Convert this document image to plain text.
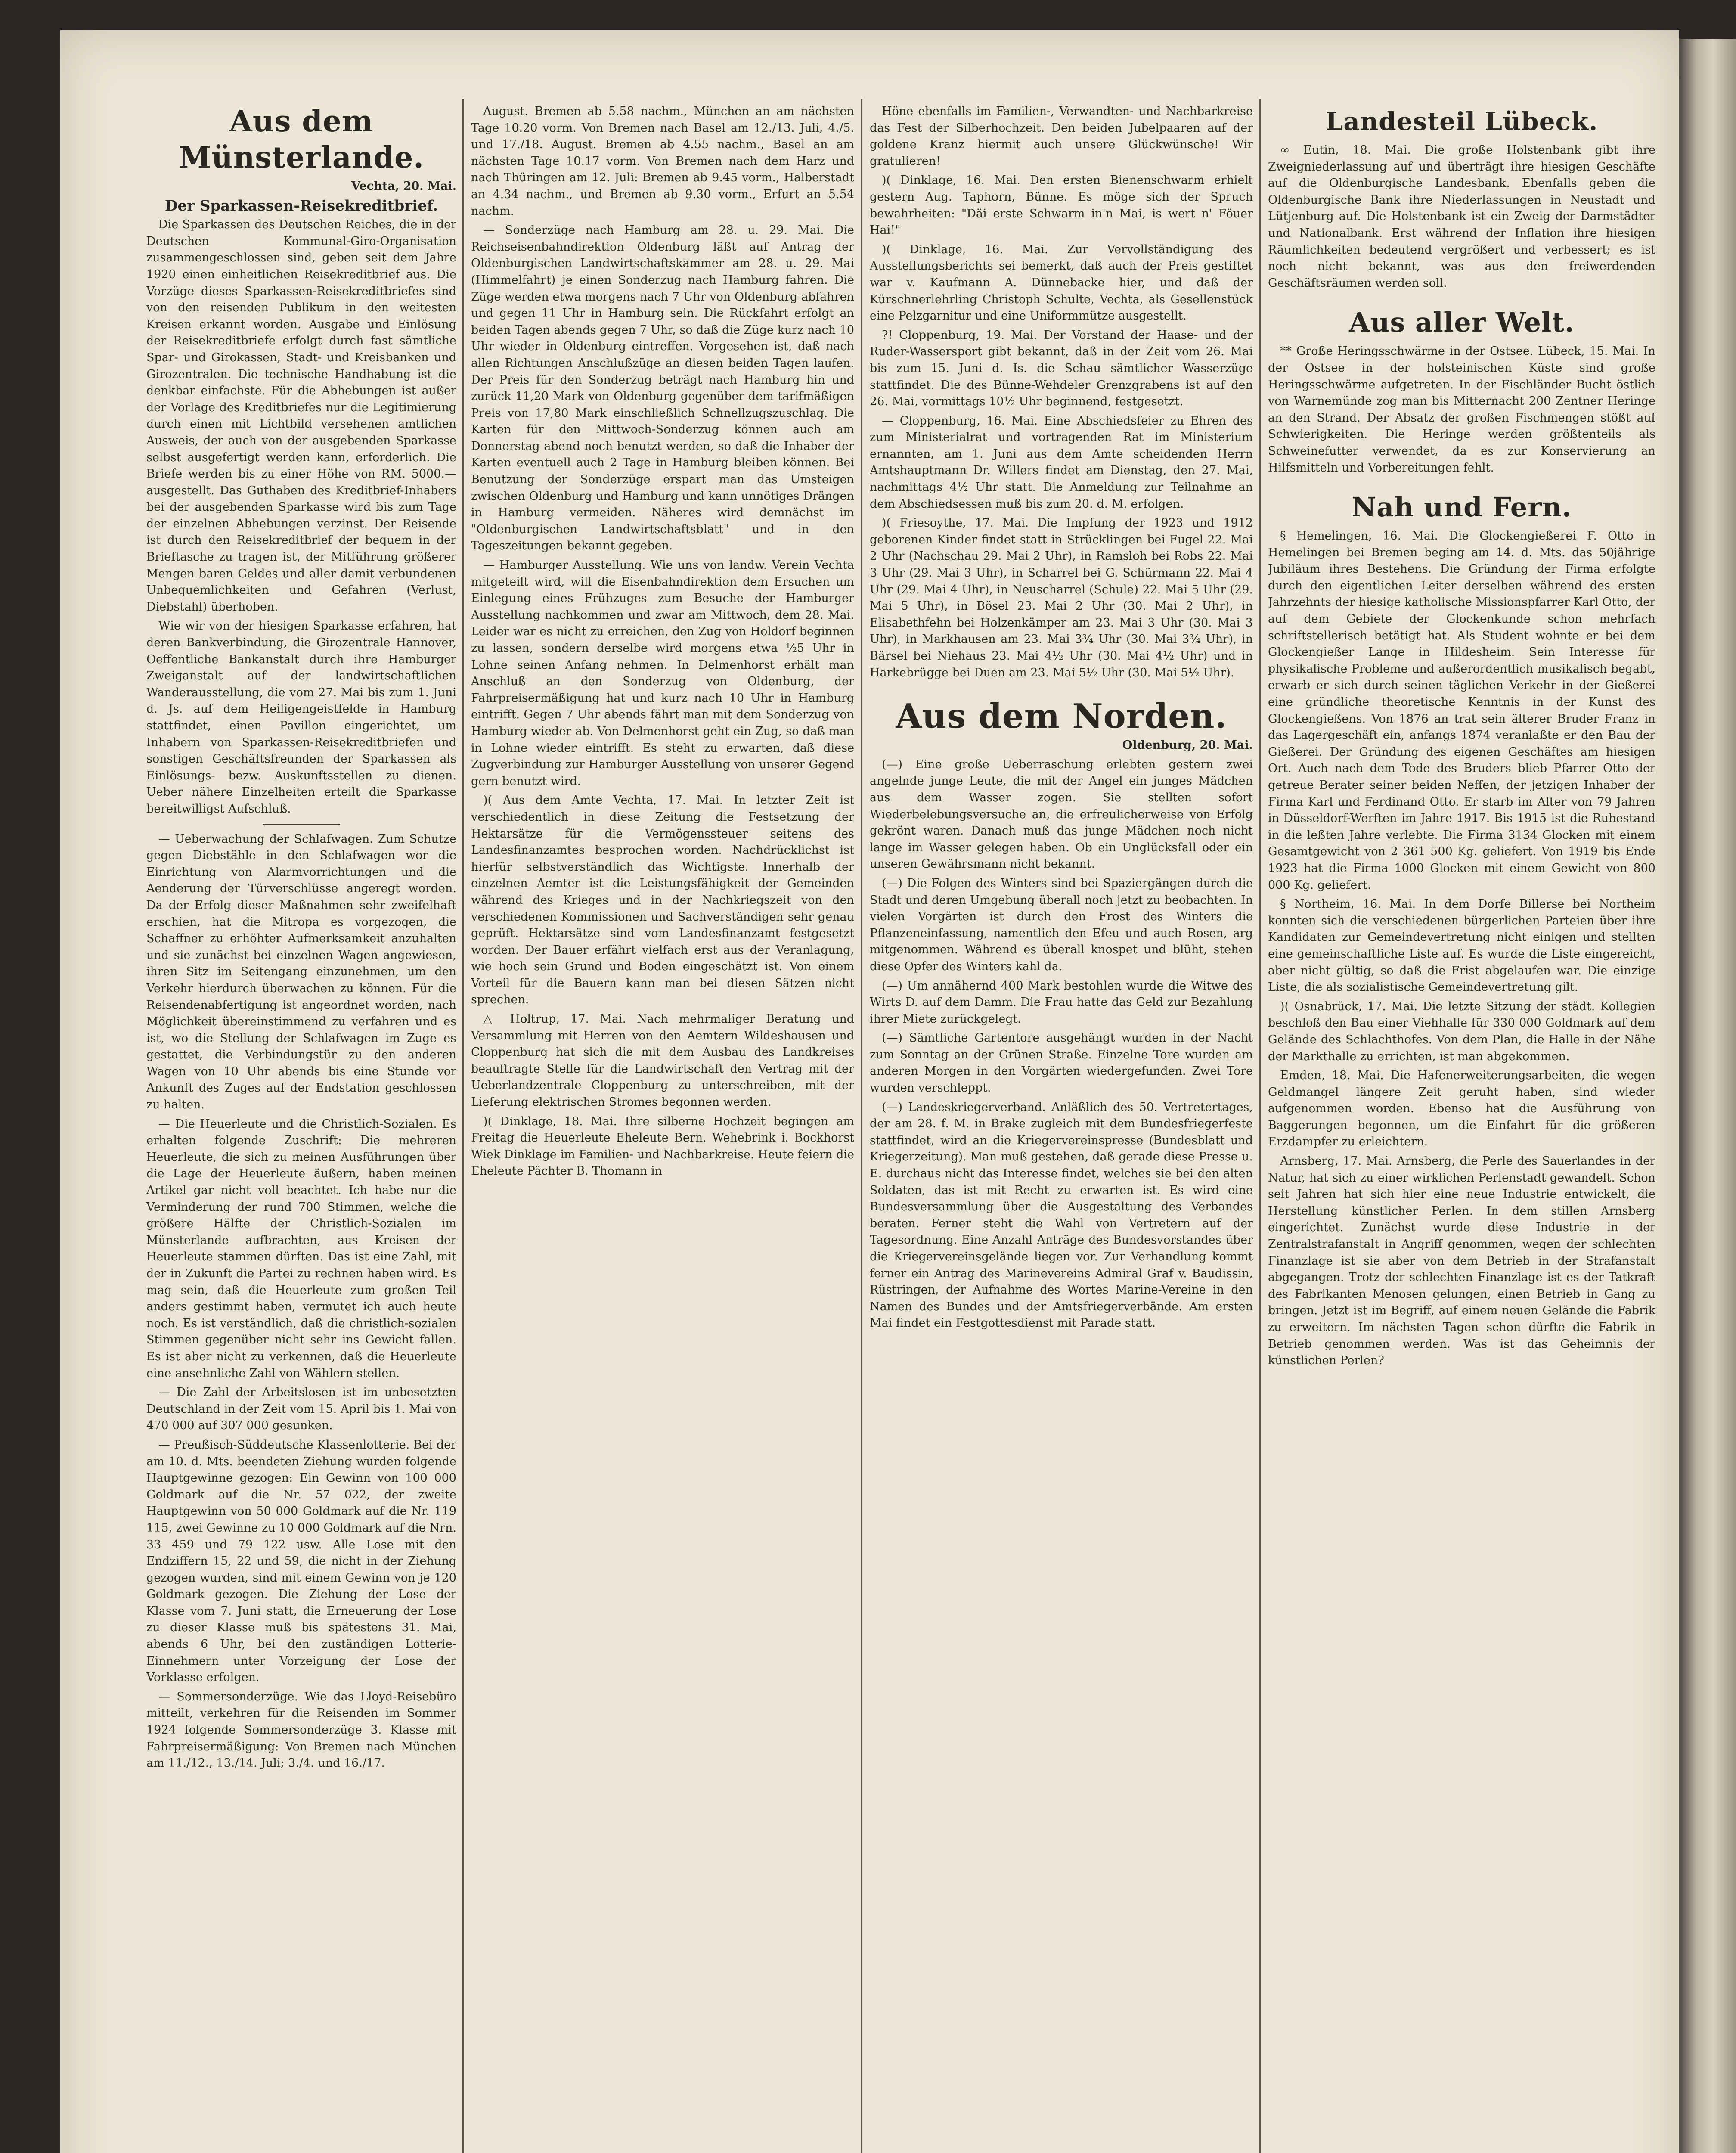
Aus dem Münsterlande.

Vechta, 20. Mai.

Der Sparkassen-Reisekreditbrief.

Die Sparkassen des Deutschen Reiches, die in der Deutschen Kommunal-Giro-Organisation zusammengeschlossen sind, geben seit dem Jahre 1920 einen einheitlichen Reisekreditbrief aus. Die Vorzüge dieses Sparkassen-Reisekreditbriefes sind von den reisenden Publikum in den weitesten Kreisen erkannt worden. Ausgabe und Einlösung der Reisekreditbriefe erfolgt durch fast sämtliche Spar- und Girokassen, Stadt- und Kreisbanken und Girozentralen. Die technische Handhabung ist die denkbar einfachste. Für die Abhebungen ist außer der Vorlage des Kreditbriefes nur die Legitimierung durch einen mit Lichtbild versehenen amtlichen Ausweis, der auch von der ausgebenden Sparkasse selbst ausgefertigt werden kann, erforderlich. Die Briefe werden bis zu einer Höhe von RM. 5000.— ausgestellt. Das Guthaben des Kreditbrief-Inhabers bei der ausgebenden Sparkasse wird bis zum Tage der einzelnen Abhebungen verzinst. Der Reisende ist durch den Reisekreditbrief der bequem in der Brieftasche zu tragen ist, der Mitführung größerer Mengen baren Geldes und aller damit verbundenen Unbequemlichkeiten und Gefahren (Verlust, Diebstahl) überhoben.

Wie wir von der hiesigen Sparkasse erfahren, hat deren Bankverbindung, die Girozentrale Hannover, Oeffentliche Bankanstalt durch ihre Hamburger Zweiganstalt auf der landwirtschaftlichen Wanderausstellung, die vom 27. Mai bis zum 1. Juni d. Js. auf dem Heiligengeistfelde in Hamburg stattfindet, einen Pavillon eingerichtet, um Inhabern von Sparkassen-Reisekreditbriefen und sonstigen Geschäftsfreunden der Sparkassen als Einlösungs- bezw. Auskunftsstellen zu dienen. Ueber nähere Einzelheiten erteilt die Sparkasse bereitwilligst Aufschluß.

— Ueberwachung der Schlafwagen. Zum Schutze gegen Diebstähle in den Schlafwagen wor die Einrichtung von Alarmvorrichtungen und die Aenderung der Türverschlüsse angeregt worden. Da der Erfolg dieser Maßnahmen sehr zweifelhaft erschien, hat die Mitropa es vorgezogen, die Schaffner zu erhöhter Aufmerksamkeit anzuhalten und sie zunächst bei einzelnen Wagen angewiesen, ihren Sitz im Seitengang einzunehmen, um den Verkehr hierdurch überwachen zu können. Für die Reisendenabfertigung ist angeordnet worden, nach Möglichkeit übereinstimmend zu verfahren und es ist, wo die Stellung der Schlafwagen im Zuge es gestattet, die Verbindungstür zu den anderen Wagen von 10 Uhr abends bis eine Stunde vor Ankunft des Zuges auf der Endstation geschlossen zu halten.

— Die Heuerleute und die Christlich-Sozialen. Es erhalten folgende Zuschrift: Die mehreren Heuerleute, die sich zu meinen Ausführungen über die Lage der Heuerleute äußern, haben meinen Artikel gar nicht voll beachtet. Ich habe nur die Verminderung der rund 700 Stimmen, welche die größere Hälfte der Christlich-Sozialen im Münsterlande aufbrachten, aus Kreisen der Heuerleute stammen dürften. Das ist eine Zahl, mit der in Zukunft die Partei zu rechnen haben wird. Es mag sein, daß die Heuerleute zum großen Teil anders gestimmt haben, vermutet ich auch heute noch. Es ist verständlich, daß die christlich-sozialen Stimmen gegenüber nicht sehr ins Gewicht fallen. Es ist aber nicht zu verkennen, daß die Heuerleute eine ansehnliche Zahl von Wählern stellen.

— Die Zahl der Arbeitslosen ist im unbesetzten Deutschland in der Zeit vom 15. April bis 1. Mai von 470 000 auf 307 000 gesunken.

— Preußisch-Süddeutsche Klassenlotterie. Bei der am 10. d. Mts. beendeten Ziehung wurden folgende Hauptgewinne gezogen: Ein Gewinn von 100 000 Goldmark auf die Nr. 57 022, der zweite Hauptgewinn von 50 000 Goldmark auf die Nr. 119 115, zwei Gewinne zu 10 000 Goldmark auf die Nrn. 33 459 und 79 122 usw. Alle Lose mit den Endziffern 15, 22 und 59, die nicht in der Ziehung gezogen wurden, sind mit einem Gewinn von je 120 Goldmark gezogen. Die Ziehung der Lose der Klasse vom 7. Juni statt, die Erneuerung der Lose zu dieser Klasse muß bis spätestens 31. Mai, abends 6 Uhr, bei den zuständigen Lotterie-Einnehmern unter Vorzeigung der Lose der Vorklasse erfolgen.

— Sommersonderzüge. Wie das Lloyd-Reisebüro mitteilt, verkehren für die Reisenden im Sommer 1924 folgende Sommersonderzüge 3. Klasse mit Fahrpreisermäßigung: Von Bremen nach München am 11./12., 13./14. Juli; 3./4. und 16./17.

August. Bremen ab 5.58 nachm., München an am nächsten Tage 10.20 vorm. Von Bremen nach Basel am 12./13. Juli, 4./5. und 17./18. August. Bremen ab 4.55 nachm., Basel an am nächsten Tage 10.17 vorm. Von Bremen nach dem Harz und nach Thüringen am 12. Juli: Bremen ab 9.45 vorm., Halberstadt an 4.34 nachm., und Bremen ab 9.30 vorm., Erfurt an 5.54 nachm.

— Sonderzüge nach Hamburg am 28. u. 29. Mai. Die Reichseisenbahndirektion Oldenburg läßt auf Antrag der Oldenburgischen Landwirtschaftskammer am 28. u. 29. Mai (Himmelfahrt) je einen Sonderzug nach Hamburg fahren. Die Züge werden etwa morgens nach 7 Uhr von Oldenburg abfahren und gegen 11 Uhr in Hamburg sein. Die Rückfahrt erfolgt an beiden Tagen abends gegen 7 Uhr, so daß die Züge kurz nach 10 Uhr wieder in Oldenburg eintreffen. Vorgesehen ist, daß nach allen Richtungen Anschlußzüge an diesen beiden Tagen laufen. Der Preis für den Sonderzug beträgt nach Hamburg hin und zurück 11,20 Mark von Oldenburg gegenüber dem tarifmäßigen Preis von 17,80 Mark einschließlich Schnellzugszuschlag. Die Karten für den Mittwoch-Sonderzug können auch am Donnerstag abend noch benutzt werden, so daß die Inhaber der Karten eventuell auch 2 Tage in Hamburg bleiben können. Bei Benutzung der Sonderzüge erspart man das Umsteigen zwischen Oldenburg und Hamburg und kann unnötiges Drängen in Hamburg vermeiden. Näheres wird demnächst im "Oldenburgischen Landwirtschaftsblatt" und in den Tageszeitungen bekannt gegeben.

— Hamburger Ausstellung. Wie uns von landw. Verein Vechta mitgeteilt wird, will die Eisenbahndirektion dem Ersuchen um Einlegung eines Frühzuges zum Besuche der Hamburger Ausstellung nachkommen und zwar am Mittwoch, dem 28. Mai. Leider war es nicht zu erreichen, den Zug von Holdorf beginnen zu lassen, sondern derselbe wird morgens etwa ½5 Uhr in Lohne seinen Anfang nehmen. In Delmenhorst erhält man Anschluß an den Sonderzug von Oldenburg, der Fahrpreisermäßigung hat und kurz nach 10 Uhr in Hamburg eintrifft. Gegen 7 Uhr abends fährt man mit dem Sonderzug von Hamburg wieder ab. Von Delmenhorst geht ein Zug, so daß man in Lohne wieder eintrifft. Es steht zu erwarten, daß diese Zugverbindung zur Hamburger Ausstellung von unserer Gegend gern benutzt wird.

)( Aus dem Amte Vechta, 17. Mai. In letzter Zeit ist verschiedentlich in diese Zeitung die Festsetzung der Hektarsätze für die Vermögenssteuer seitens des Landesfinanzamtes besprochen worden. Nachdrücklichst ist hierfür selbstverständlich das Wichtigste. Innerhalb der einzelnen Aemter ist die Leistungsfähigkeit der Gemeinden während des Krieges und in der Nachkriegszeit von den verschiedenen Kommissionen und Sachverständigen sehr genau geprüft. Hektarsätze sind vom Landesfinanzamt festgesetzt worden. Der Bauer erfährt vielfach erst aus der Veranlagung, wie hoch sein Grund und Boden eingeschätzt ist. Von einem Vorteil für die Bauern kann man bei diesen Sätzen nicht sprechen.

△ Holtrup, 17. Mai. Nach mehrmaliger Beratung und Versammlung mit Herren von den Aemtern Wildeshausen und Cloppenburg hat sich die mit dem Ausbau des Landkreises beauftragte Stelle für die Landwirtschaft den Vertrag mit der Ueberlandzentrale Cloppenburg zu unterschreiben, mit der Lieferung elektrischen Stromes begonnen werden.

)( Dinklage, 18. Mai. Ihre silberne Hochzeit begingen am Freitag die Heuerleute Eheleute Bern. Wehebrink i. Bockhorst Wiek Dinklage im Familien- und Nachbarkreise. Heute feiern die Eheleute Pächter B. Thomann in

Höne ebenfalls im Familien-, Verwandten- und Nachbarkreise das Fest der Silberhochzeit. Den beiden Jubelpaaren auf der goldene Kranz hiermit auch unsere Glückwünsche! Wir gratulieren!

)( Dinklage, 16. Mai. Den ersten Bienenschwarm erhielt gestern Aug. Taphorn, Bünne. Es möge sich der Spruch bewahrheiten: "Däi erste Schwarm in'n Mai, is wert n' Föuer Hai!"

)( Dinklage, 16. Mai. Zur Vervollständigung des Ausstellungsberichts sei bemerkt, daß auch der Preis gestiftet war v. Kaufmann A. Dünnebacke hier, und daß der Kürschnerlehrling Christoph Schulte, Vechta, als Gesellenstück eine Pelzgarnitur und eine Uniformmütze ausgestellt.

?! Cloppenburg, 19. Mai. Der Vorstand der Haase- und der Ruder-Wassersport gibt bekannt, daß in der Zeit vom 26. Mai bis zum 15. Juni d. Is. die Schau sämtlicher Wasserzüge stattfindet. Die des Bünne-Wehdeler Grenzgrabens ist auf den 26. Mai, vormittags 10½ Uhr beginnend, festgesetzt.

— Cloppenburg, 16. Mai. Eine Abschiedsfeier zu Ehren des zum Ministerialrat und vortragenden Rat im Ministerium ernannten, am 1. Juni aus dem Amte scheidenden Herrn Amtshauptmann Dr. Willers findet am Dienstag, den 27. Mai, nachmittags 4½ Uhr statt. Die Anmeldung zur Teilnahme an dem Abschiedsessen muß bis zum 20. d. M. erfolgen.

)( Friesoythe, 17. Mai. Die Impfung der 1923 und 1912 geborenen Kinder findet statt in Strücklingen bei Fugel 22. Mai 2 Uhr (Nachschau 29. Mai 2 Uhr), in Ramsloh bei Robs 22. Mai 3 Uhr (29. Mai 3 Uhr), in Scharrel bei G. Schürmann 22. Mai 4 Uhr (29. Mai 4 Uhr), in Neuscharrel (Schule) 22. Mai 5 Uhr (29. Mai 5 Uhr), in Bösel 23. Mai 2 Uhr (30. Mai 2 Uhr), in Elisabethfehn bei Holzenkämper am 23. Mai 3 Uhr (30. Mai 3 Uhr), in Markhausen am 23. Mai 3¾ Uhr (30. Mai 3¾ Uhr), in Bärsel bei Niehaus 23. Mai 4½ Uhr (30. Mai 4½ Uhr) und in Harkebrügge bei Duen am 23. Mai 5½ Uhr (30. Mai 5½ Uhr).

Aus dem Norden.

Oldenburg, 20. Mai.

(—) Eine große Ueberraschung erlebten gestern zwei angelnde junge Leute, die mit der Angel ein junges Mädchen aus dem Wasser zogen. Sie stellten sofort Wiederbelebungsversuche an, die erfreulicherweise von Erfolg gekrönt waren. Danach muß das junge Mädchen noch nicht lange im Wasser gelegen haben. Ob ein Unglücksfall oder ein unseren Gewährsmann nicht bekannt.

(—) Die Folgen des Winters sind bei Spaziergängen durch die Stadt und deren Umgebung überall noch jetzt zu beobachten. In vielen Vorgärten ist durch den Frost des Winters die Pflanzeneinfassung, namentlich den Efeu und auch Rosen, arg mitgenommen. Während es überall knospet und blüht, stehen diese Opfer des Winters kahl da.

(—) Um annähernd 400 Mark bestohlen wurde die Witwe des Wirts D. auf dem Damm. Die Frau hatte das Geld zur Bezahlung ihrer Miete zurückgelegt.

(—) Sämtliche Gartentore ausgehängt wurden in der Nacht zum Sonntag an der Grünen Straße. Einzelne Tore wurden am anderen Morgen in den Vorgärten wiedergefunden. Zwei Tore wurden verschleppt.

(—) Landeskriegerverband. Anläßlich des 50. Vertretertages, der am 28. f. M. in Brake zugleich mit dem Bundesfriegerfeste stattfindet, wird an die Kriegervereinspresse (Bundesblatt und Kriegerzeitung). Man muß gestehen, daß gerade diese Presse u. E. durchaus nicht das Interesse findet, welches sie bei den alten Soldaten, das ist mit Recht zu erwarten ist. Es wird eine Bundesversammlung über die Ausgestaltung des Verbandes beraten. Ferner steht die Wahl von Vertretern auf der Tagesordnung. Eine Anzahl Anträge des Bundesvorstandes über die Kriegervereinsgelände liegen vor. Zur Verhandlung kommt ferner ein Antrag des Marinevereins Admiral Graf v. Baudissin, Rüstringen, der Aufnahme des Wortes Marine-Vereine in den Namen des Bundes und der Amtsfriegerverbände. Am ersten Mai findet ein Festgottesdienst mit Parade statt.

Landesteil Lübeck.

∞ Eutin, 18. Mai. Die große Holstenbank gibt ihre Zweigniederlassung auf und überträgt ihre hiesigen Geschäfte auf die Oldenburgische Landesbank. Ebenfalls geben die Oldenburgische Bank ihre Niederlassungen in Neustadt und Lütjenburg auf. Die Holstenbank ist ein Zweig der Darmstädter und Nationalbank. Erst während der Inflation ihre hiesigen Räumlichkeiten bedeutend vergrößert und verbessert; es ist noch nicht bekannt, was aus den freiwerdenden Geschäftsräumen werden soll.

Aus aller Welt.

** Große Heringsschwärme in der Ostsee. Lübeck, 15. Mai. In der Ostsee in der holsteinischen Küste sind große Heringsschwärme aufgetreten. In der Fischländer Bucht östlich von Warnemünde zog man bis Mitternacht 200 Zentner Heringe an den Strand. Der Absatz der großen Fischmengen stößt auf Schwierigkeiten. Die Heringe werden größtenteils als Schweinefutter verwendet, da es zur Konservierung an Hilfsmitteln und Vorbereitungen fehlt.

Nah und Fern.

§ Hemelingen, 16. Mai. Die Glockengießerei F. Otto in Hemelingen bei Bremen beging am 14. d. Mts. das 50jährige Jubiläum ihres Bestehens. Die Gründung der Firma erfolgte durch den eigentlichen Leiter derselben während des ersten Jahrzehnts der hiesige katholische Missionspfarrer Karl Otto, der auf dem Gebiete der Glockenkunde schon mehrfach schriftstellerisch betätigt hat. Als Student wohnte er bei dem Glockengießer Lange in Hildesheim. Sein Interesse für physikalische Probleme und außerordentlich musikalisch begabt, erwarb er sich durch seinen täglichen Verkehr in der Gießerei eine gründliche theoretische Kenntnis in der Kunst des Glockengießens. Von 1876 an trat sein älterer Bruder Franz in das Lagergeschäft ein, anfangs 1874 veranlaßte er den Bau der Gießerei. Der Gründung des eigenen Geschäftes am hiesigen Ort. Auch nach dem Tode des Bruders blieb Pfarrer Otto der getreue Berater seiner beiden Neffen, der jetzigen Inhaber der Firma Karl und Ferdinand Otto. Er starb im Alter von 79 Jahren in Düsseldorf-Werften im Jahre 1917. Bis 1915 ist die Ruhestand in die leßten Jahre verlebte. Die Firma 3134 Glocken mit einem Gesamtgewicht von 2 361 500 Kg. geliefert. Von 1919 bis Ende 1923 hat die Firma 1000 Glocken mit einem Gewicht von 800 000 Kg. geliefert.

§ Northeim, 16. Mai. In dem Dorfe Billerse bei Northeim konnten sich die verschiedenen bürgerlichen Parteien über ihre Kandidaten zur Gemeindevertretung nicht einigen und stellten eine gemeinschaftliche Liste auf. Es wurde die Liste eingereicht, aber nicht gültig, so daß die Frist abgelaufen war. Die einzige Liste, die als sozialistische Gemeindevertretung gilt.

)( Osnabrück, 17. Mai. Die letzte Sitzung der städt. Kollegien beschloß den Bau einer Viehhalle für 330 000 Goldmark auf dem Gelände des Schlachthofes. Von dem Plan, die Halle in der Nähe der Markthalle zu errichten, ist man abgekommen.

Emden, 18. Mai. Die Hafenerweiterungsarbeiten, die wegen Geldmangel längere Zeit geruht haben, sind wieder aufgenommen worden. Ebenso hat die Ausführung von Baggerungen begonnen, um die Einfahrt für die größeren Erzdampfer zu erleichtern.

Arnsberg, 17. Mai. Arnsberg, die Perle des Sauerlandes in der Natur, hat sich zu einer wirklichen Perlenstadt gewandelt. Schon seit Jahren hat sich hier eine neue Industrie entwickelt, die Herstellung künstlicher Perlen. In dem stillen Arnsberg eingerichtet. Zunächst wurde diese Industrie in der Zentralstrafanstalt in Angriff genommen, wegen der schlechten Finanzlage ist sie aber von dem Betrieb in der Strafanstalt abgegangen. Trotz der schlechten Finanzlage ist es der Tatkraft des Fabrikanten Menosen gelungen, einen Betrieb in Gang zu bringen. Jetzt ist im Begriff, auf einem neuen Gelände die Fabrik zu erweitern. Im nächsten Tagen schon dürfte die Fabrik in Betrieb genommen werden. Was ist das Geheimnis der künstlichen Perlen?
